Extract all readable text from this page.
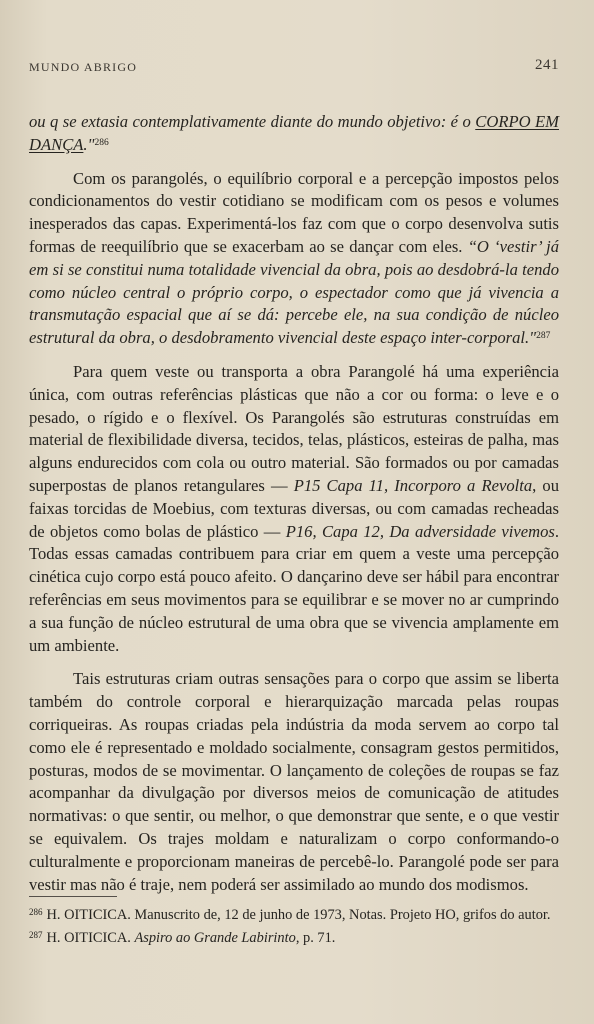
MUNDO ABRIGO	241

ou q se extasia contemplativamente diante do mundo objetivo: é o CORPO EM DANÇA."$^{286}$

Com os parangolés, o equilíbrio corporal e a percepção impostos pelos condicionamentos do vestir cotidiano se modificam com os pesos e volumes inesperados das capas. Experimentá-los faz com que o corpo desenvolva sutis formas de reequilíbrio que se exacerbam ao se dançar com eles. “O ‘vestir’ já em si se constitui numa totalidade vivencial da obra, pois ao desdobrá-la tendo como núcleo central o próprio corpo, o espectador como que já vivencia a transmutação espacial que aí se dá: percebe ele, na sua condição de núcleo estrutural da obra, o desdobramento vivencial deste espaço inter-corporal."$^{287}$

Para quem veste ou transporta a obra Parangolé há uma experiência única, com outras referências plásticas que não a cor ou forma: o leve e o pesado, o rígido e o flexível. Os Parangolés são estruturas construídas em material de flexibilidade diversa, tecidos, telas, plásticos, esteiras de palha, mas alguns endurecidos com cola ou outro material. São formados ou por camadas superpostas de planos retangulares — P15 Capa 11, Incorporo a Revolta, ou faixas torcidas de Moebius, com texturas diversas, ou com camadas recheadas de objetos como bolas de plástico — P16, Capa 12, Da adversidade vivemos. Todas essas camadas contribuem para criar em quem a veste uma percepção cinética cujo corpo está pouco afeito. O dançarino deve ser hábil para encontrar referências em seus movimentos para se equilibrar e se mover no ar cumprindo a sua função de núcleo estrutural de uma obra que se vivencia amplamente em um ambiente.

Tais estruturas criam outras sensações para o corpo que assim se liberta também do controle corporal e hierarquização marcada pelas roupas corriqueiras. As roupas criadas pela indústria da moda servem ao corpo tal como ele é representado e moldado socialmente, consagram gestos permitidos, posturas, modos de se movimentar. O lançamento de coleções de roupas se faz acompanhar da divulgação por diversos meios de comunicação de atitudes normativas: o que sentir, ou melhor, o que demonstrar que sente, e o que vestir se equivalem. Os trajes moldam e naturalizam o corpo conformando-o culturalmente e proporcionam maneiras de percebê-lo. Parangolé pode ser para vestir mas não é traje, nem poderá ser assimilado ao mundo dos modismos.

$^{286}$ H. OITICICA. Manuscrito de, 12 de junho de 1973, Notas. Projeto HO, grifos do autor.

$^{287}$ H. OITICICA. Aspiro ao Grande Labirinto, p. 71.
